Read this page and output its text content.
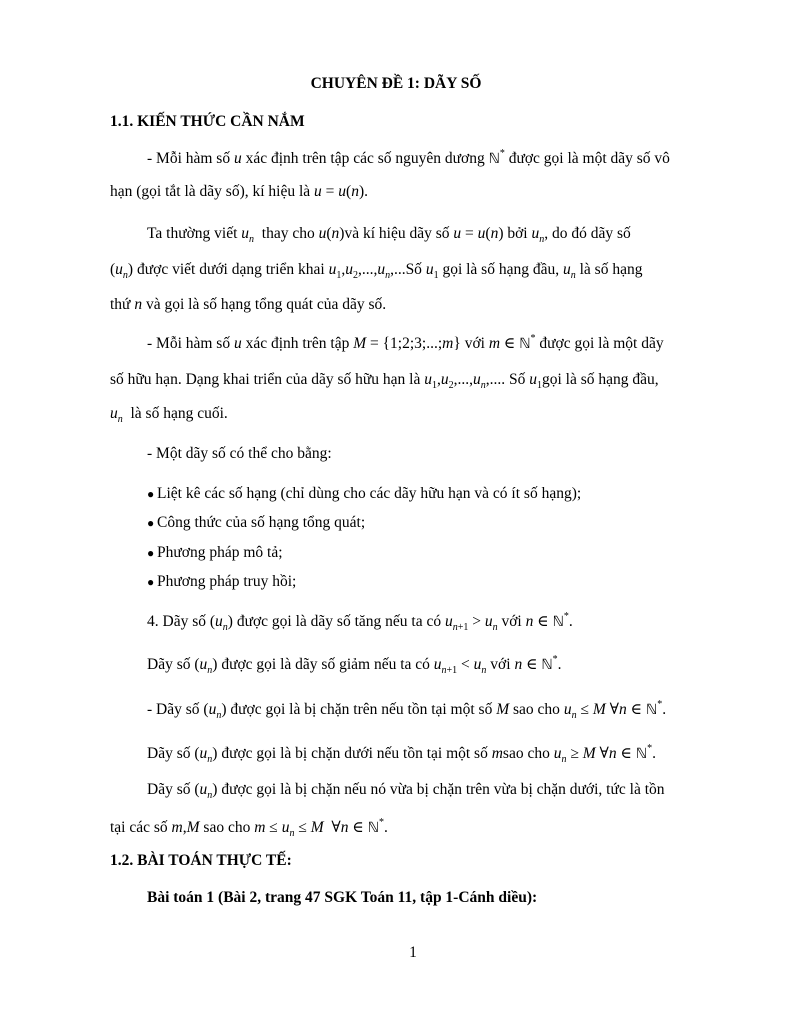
CHUYÊN ĐỀ 1: DÃY SỐ
1.1. KIẾN THỨC CẦN NẮM
- Mỗi hàm số u xác định trên tập các số nguyên dương ℕ* được gọi là một dãy số vô
hạn (gọi tắt là dãy số), kí hiệu là u = u(n).
Ta thường viết $u_n$ thay cho u(n)và kí hiệu dãy số u = u(n) bởi $u_n$, do đó dãy số
$(u_n)$ được viết dưới dạng triển khai $u_1,u_2,...,u_n,...Số$ $u_1$ gọi là số hạng đầu, $u_n$ là số hạng
thứ n và gọi là số hạng tổng quát của dãy số.
- Mỗi hàm số u xác định trên tập M = {1;2;3;...;m} với m ∈ ℕ* được gọi là một dãy
số hữu hạn. Dạng khai triển của dãy số hữu hạn là $u_1,u_2,...,u_n$,.... Số $u_1gọi$ là số hạng đầu,
$u_n$ là số hạng cuối.
- Một dãy số có thể cho bằng:
● Liệt kê các số hạng (chỉ dùng cho các dãy hữu hạn và có ít số hạng);
● Công thức của số hạng tổng quát;
● Phương pháp mô tả;
● Phương pháp truy hồi;
4. Dãy số $(u_n)$ được gọi là dãy số tăng nếu ta có $u_{n+1} > u_n$ với n ∈ ℕ*.
Dãy số $(u_n)$ được gọi là dãy số giảm nếu ta có $u_{n+1} < u_n$ với n ∈ ℕ*.
- Dãy số $(u_n)$ được gọi là bị chặn trên nếu tồn tại một số M sao cho $u_n \le M$ ∀n ∈ ℕ*.
Dãy số $(u_n)$ được gọi là bị chặn dưới nếu tồn tại một số msao cho $u_n \ge M$ ∀n ∈ ℕ*.
Dãy số $(u_n)$ được gọi là bị chặn nếu nó vừa bị chặn trên vừa bị chặn dưới, tức là tồn
tại các số m,M sao cho $m \le u_n \le M$  ∀n ∈ ℕ*.
1.2. BÀI TOÁN THỰC TẾ:
Bài toán 1 (Bài 2, trang 47 SGK Toán 11, tập 1-Cánh diều):
1
